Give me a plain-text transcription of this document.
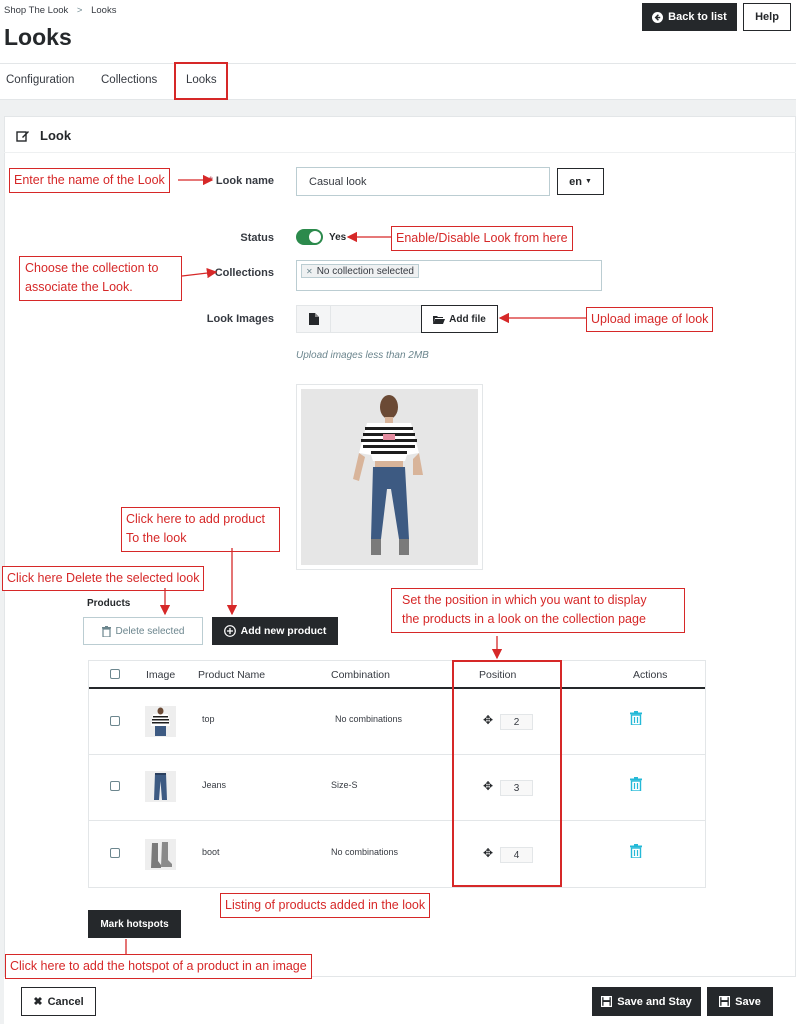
Shop The Look > Looks
Looks
Back to list	Help
Configuration Collections	Looks
Look
* Look name	Casual look	en ▼
Status	Yes
Collections	✕ No collection selected
Look Images	Add file
Upload images less than 2MB
Products
Delete selected	Add new product
Image Product Name	Combination	Position	Actions
top	No combinations	✥ 2
Jeans	Size-S	✥ 3
boot	No combinations	✥ 4
Mark hotspots
✖ Cancel	Save and Stay	Save
Enter the name of the Look
Enable/Disable Look from here
Choose the collection to
associate the Look.
Upload image of look
Click here to add product
To the look
Click here Delete the selected look
Set the position in which you want to display
the products in a look on the collection page
Listing of products added in the look
Click here to add the hotspot of a product in an image
